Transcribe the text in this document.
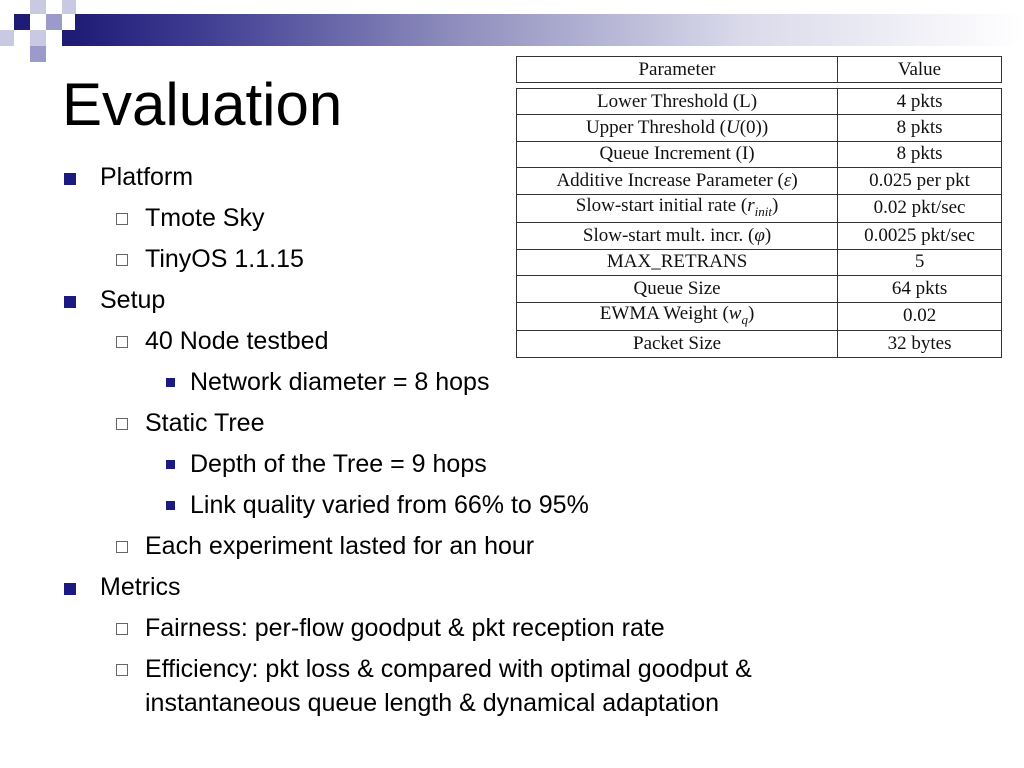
Evaluation
Platform
Tmote Sky
TinyOS 1.1.15
Setup
40 Node testbed
Network diameter = 8 hops
Static Tree
Depth of the Tree = 9 hops
Link quality varied from 66% to 95%
Each experiment lasted for an hour
Metrics
Fairness: per-flow goodput & pkt reception rate
Efficiency: pkt loss & compared with optimal goodput &
instantaneous queue length & dynamical adaptation
Parameter	Value
Lower Threshold (L)	4 pkts
Upper Threshold (U(0))	8 pkts
Queue Increment (I)	8 pkts
Additive Increase Parameter (ε)	0.025 per pkt
Slow-start initial rate $(r_{init})$	0.02 pkt/sec
Slow-start mult. incr. (φ)	0.0025 pkt/sec
MAX_RETRANS	5
Queue Size	64 pkts
EWMA Weight $(w_q)$	0.02
Packet Size	32 bytes
